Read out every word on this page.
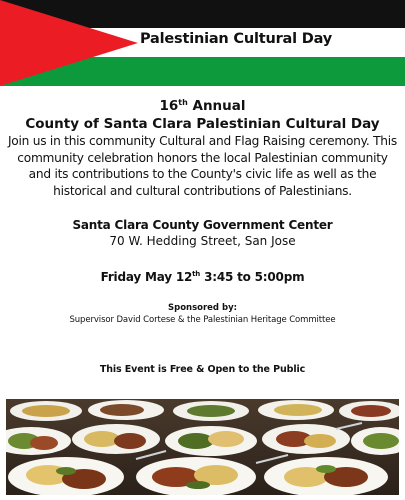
Palestinian Cultural Day
16th Annual
County of Santa Clara Palestinian Cultural Day
Join us in this community Cultural and Flag Raising ceremony. This community celebration honors the local Palestinian community and its contributions to the County's civic life as well as the historical and cultural contributions of Palestinians.
Santa Clara County Government Center
70 W. Hedding Street, San Jose
Friday May 12th 3:45 to 5:00pm
Sponsored by:
Supervisor David Cortese & the Palestinian Heritage Committee
This Event is Free & Open to the Public
